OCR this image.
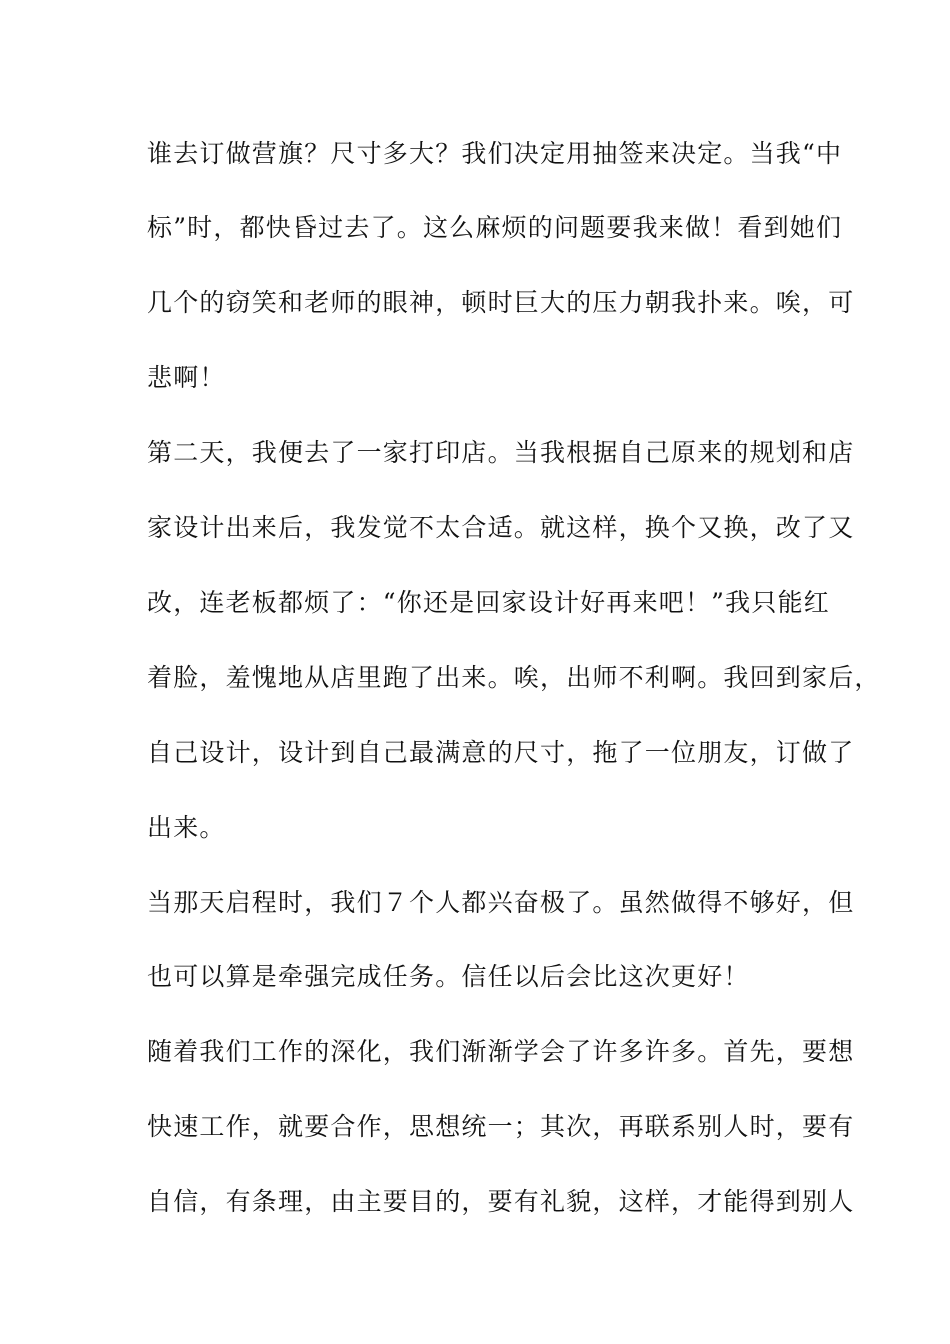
谁去订做营旗？尺寸多大？我们决定用抽签来决定。当我“中
标”时，都快昏过去了。这么麻烦的问题要我来做！看到她们
几个的窃笑和老师的眼神，顿时巨大的压力朝我扑来。唉，可
悲啊！
第二天，我便去了一家打印店。当我根据自己原来的规划和店
家设计出来后，我发觉不太合适。就这样，换个又换，改了又
改，连老板都烦了：“你还是回家设计好再来吧！”我只能红
着脸，羞愧地从店里跑了出来。唉，出师不利啊。我回到家后，
自己设计，设计到自己最满意的尺寸，拖了一位朋友，订做了
出来。
当那天启程时，我们７个人都兴奋极了。虽然做得不够好，但
也可以算是牵强完成任务。信任以后会比这次更好！
随着我们工作的深化，我们渐渐学会了许多许多。首先，要想
快速工作，就要合作，思想统一；其次，再联系别人时，要有
自信，有条理，由主要目的，要有礼貌，这样，才能得到别人
